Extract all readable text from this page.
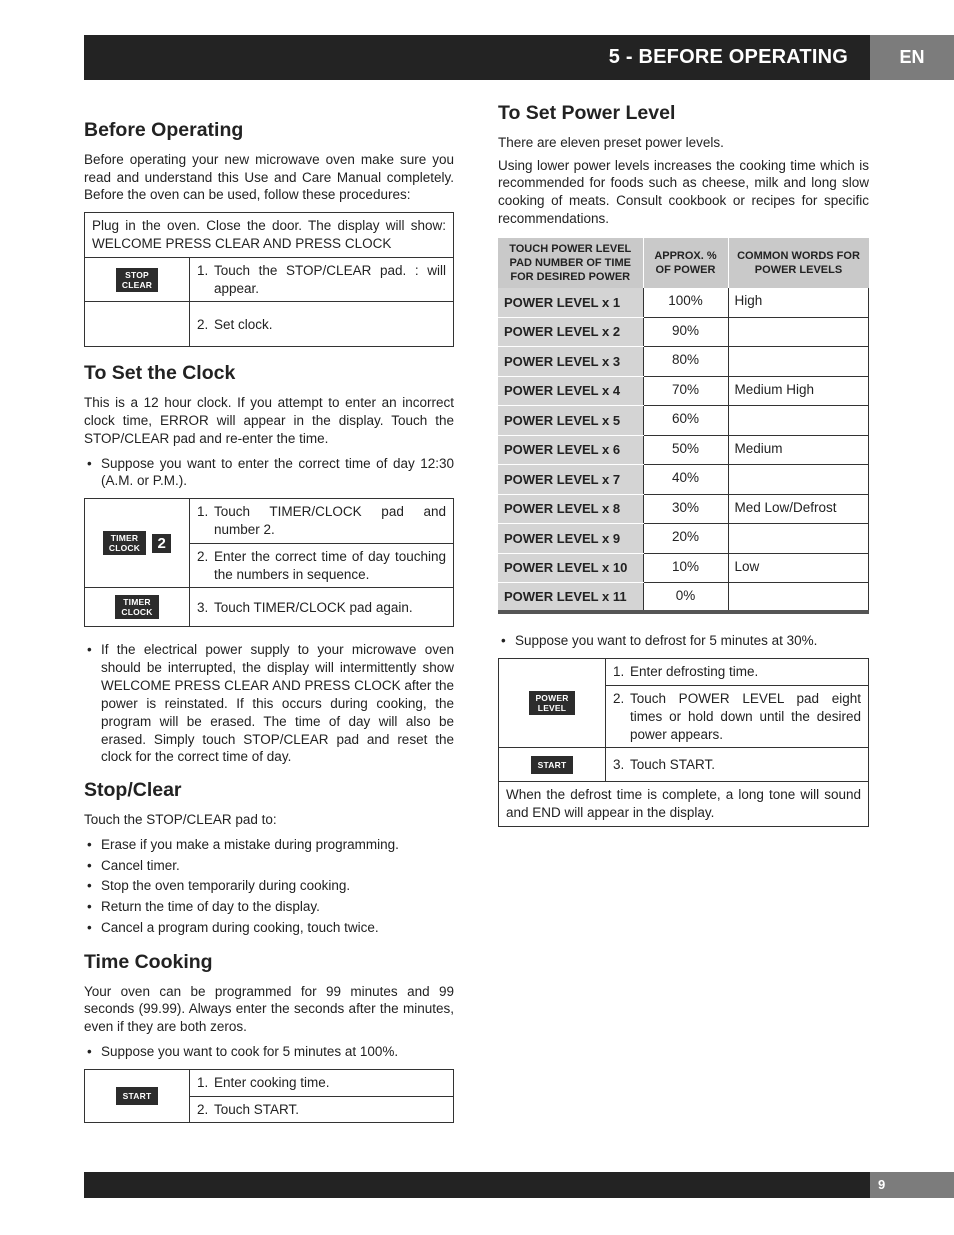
5 - BEFORE OPERATING	EN
Before Operating

Before operating your new microwave oven make sure you read and understand this Use and Care Manual completely. Before the oven can be used, follow these procedures:

Plug in the oven. Close the door. The display will show: WELCOME PRESS CLEAR AND PRESS CLOCK	
STOP
CLEAR	1. Touch the STOP/CLEAR pad. : will appear.

	2. Set clock.
To Set the Clock

This is a 12 hour clock. If you attempt to enter an incorrect clock time, ERROR will appear in the display. Touch the STOP/CLEAR pad and re-enter the time.

• Suppose you want to enter the correct time of day 12:30 (A.M. or P.M.).
TIMER
CLOCK 2	1. Touch TIMER/CLOCK pad and number 2.

	2. Enter the correct time of day touching the numbers in sequence.

TIMER
CLOCK	3. Touch TIMER/CLOCK pad again.
• If the electrical power supply to your microwave oven should be interrupted, the display will intermittently show WELCOME PRESS CLEAR AND PRESS CLOCK after the power is reinstated. If this occurs during cooking, the program will be erased. The time of day will also be erased. Simply touch STOP/CLEAR pad and reset the clock for the correct time of day.
Stop/Clear

Touch the STOP/CLEAR pad to:

• Erase if you make a mistake during programming.
• Cancel timer.
• Stop the oven temporarily during cooking.
• Return the time of day to the display.
• Cancel a program during cooking, touch twice.
Time Cooking

Your oven can be programmed for 99 minutes and 99 seconds (99.99). Always enter the seconds after the minutes, even if they are both zeros.

• Suppose you want to cook for 5 minutes at 100%.
START	
1. Enter cooking time.

2. Touch START.
To Set Power Level

There are eleven preset power levels.

Using lower power levels increases the cooking time which is recommended for foods such as cheese, milk and long slow cooking of meats. Consult cookbook or recipes for specific recommendations.

TOUCH POWER LEVEL PAD NUMBER OF TIME FOR DESIRED POWER	APPROX. % OF POWER	COMMON WORDS FOR POWER LEVELS
POWER LEVEL x 1	100%	High
POWER LEVEL x 2	90%	
POWER LEVEL x 3	80%	
POWER LEVEL x 4	70%	Medium High
POWER LEVEL x 5	60%	
POWER LEVEL x 6	50%	Medium
POWER LEVEL x 7	40%	
POWER LEVEL x 8	30%	Med Low/Defrost
POWER LEVEL x 9	20%	
POWER LEVEL x 10	10%	Low
POWER LEVEL x 11	0%	
• Suppose you want to defrost for 5 minutes at 30%.
POWER
LEVEL	1. Enter defrosting time.

	2. Touch POWER LEVEL pad eight times or hold down until the desired power appears.

START	3. Touch START.

When the defrost time is complete, a long tone will sound and END will appear in the display.	
9
